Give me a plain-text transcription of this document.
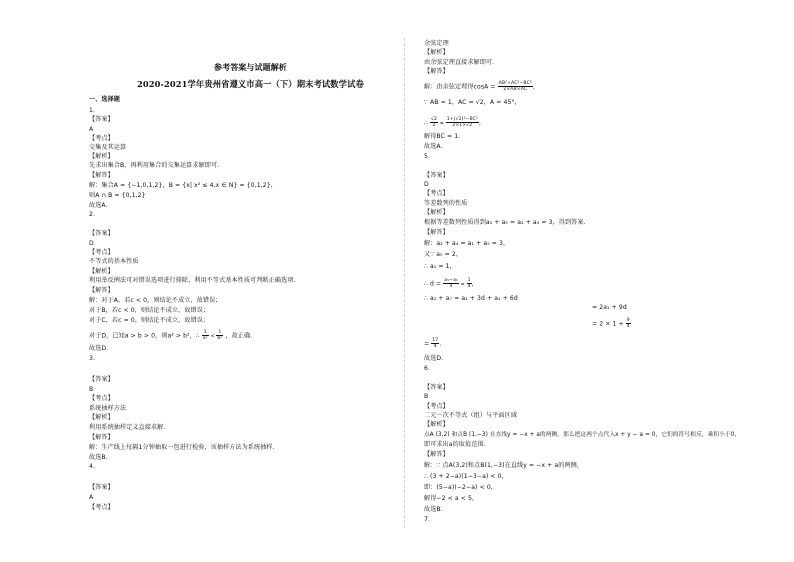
参考答案与试题解析
2020-2021学年贵州省遵义市高一（下）期末考试数学试卷
一、选择题
1.
【答案】
A
【考点】
交集及其运算
【解析】
先求出集合B，再利用集合的交集运算求解即可.
【解答】
解：集合A = {−1,0,1,2}，B = {x| x² ≤ 4,x ∈ N} = {0,1,2}，
则A ∩ B = {0,1,2}
故选A.
2.
【答案】
D
【考点】
不等式的基本性质
【解析】
利用举反例法可对错误选项进行排除，利用不等式基本性质可判断正确选项.
【解答】
解：对于A，若c < 0，则结论不成立，故错误；
对于B，若c < 0，则结论不成立，故错误；
对于C，若c = 0，则结论不成立，故错误；
对于D，已知a > b > 0，则a² > b²，∴ $\frac{1}{\text{a²}} < \frac{1}{\text{b²}}$ ，故正确.
故选D.
3.
【答案】
B
【考点】
系统抽样方法
【解析】
利用系统抽样定义直接求解.
【解答】
解：生产线上每隔1分钟抽取一包进行检验，该抽样方法为系统抽样.
故选B.
4.
【答案】
A
【考点】
余弦定理
【解析】
由余弦定理直接求解即可.
【解答】
解：由余弦定理得$\cos A = \frac{\text{AB²+AC²−BC²}}{2\times AB\times AC}$ ，
∵ AB = 1，AC = √2，A = 45°，
∴ $\frac{√2}{2} = \frac{\text{1+(√2)²−BC²}}{2\times 1\times√2}$ ，
解得BC = 1.
故选A.
5.
【答案】
D
【考点】
等差数列的性质
【解析】
根据等差数列性质得到a₁ + a₅ = a₂ + a₄ = 3，得到答案.
【解答】
解：a₂ + a₄ = a₁ + a₅ = 3，
又∵ a₅ = 2，
∴ a₁ = 1，
∴ $d = \frac{\text{a₅−a₁}}{4} = \frac{1}{4}$ ，
∴ a₂ + a₇ = a₁ + 3d + a₁ + 6d
= 2a₁ + 9d
= $2 \times 1 + \frac{9}{4}$
= $\frac{17}{4}$ .
故选D.
6.
【答案】
B
【考点】
二元一次不等式（组）与平面区域
【解析】
点A (3,2) 和点B (1,−3) 在直线y = −x + a的两侧，那么把这两个点代入x + y − a = 0，它们的符号相反，乘积小于0，
即可求出a的取值范围.
【解答】
解：∵ 点A(3,2)和点B(1,−3)在直线y = −x + a的两侧，
∴ (3 + 2−a)(1−3−a) < 0，
即：(5−a)(−2−a) < 0，
解得−2 < a < 5，
故选B.
7.
